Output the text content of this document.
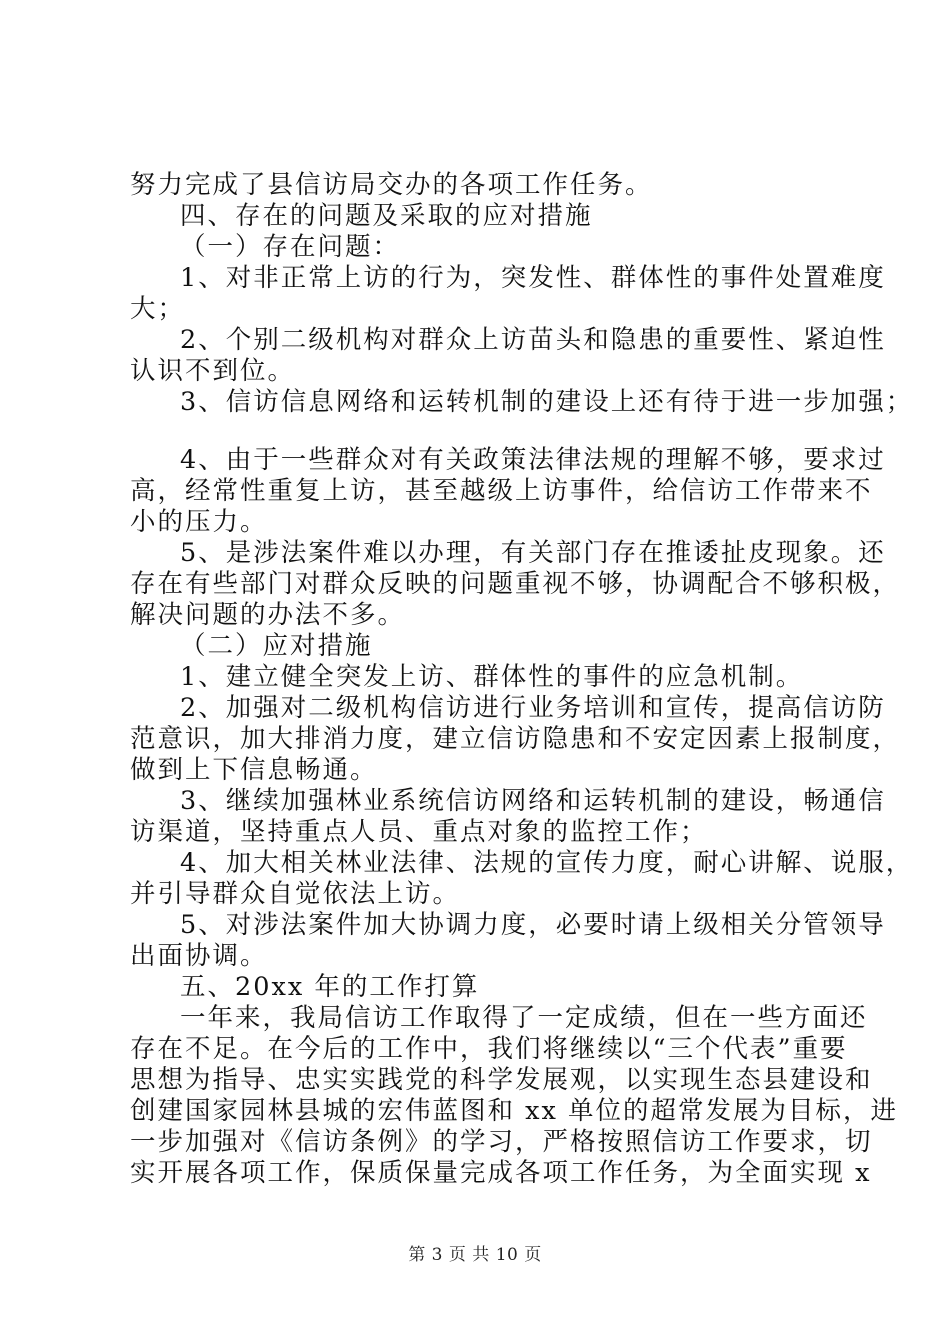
努力完成了县信访局交办的各项工作任务。
四、存在的问题及采取的应对措施
（一）存在问题：
1、对非正常上访的行为，突发性、群体性的事件处置难度
大；
2、个别二级机构对群众上访苗头和隐患的重要性、紧迫性
认识不到位。
3、信访信息网络和运转机制的建设上还有待于进一步加强；
4、由于一些群众对有关政策法律法规的理解不够，要求过
高，经常性重复上访，甚至越级上访事件，给信访工作带来不
小的压力。
5、是涉法案件难以办理，有关部门存在推诿扯皮现象。还
存在有些部门对群众反映的问题重视不够，协调配合不够积极，
解决问题的办法不多。
（二）应对措施
1、建立健全突发上访、群体性的事件的应急机制。
2、加强对二级机构信访进行业务培训和宣传，提高信访防
范意识，加大排消力度，建立信访隐患和不安定因素上报制度，
做到上下信息畅通。
3、继续加强林业系统信访网络和运转机制的建设，畅通信
访渠道，坚持重点人员、重点对象的监控工作；
4、加大相关林业法律、法规的宣传力度，耐心讲解、说服，
并引导群众自觉依法上访。
5、对涉法案件加大协调力度，必要时请上级相关分管领导
出面协调。
五、20xx 年的工作打算
一年来，我局信访工作取得了一定成绩，但在一些方面还
存在不足。在今后的工作中，我们将继续以“三个代表”重要
思想为指导、忠实实践党的科学发展观，以实现生态县建设和
创建国家园林县城的宏伟蓝图和 xx 单位的超常发展为目标，进
一步加强对《信访条例》的学习，严格按照信访工作要求，切
实开展各项工作，保质保量完成各项工作任务，为全面实现 x
第 3 页 共 10 页
